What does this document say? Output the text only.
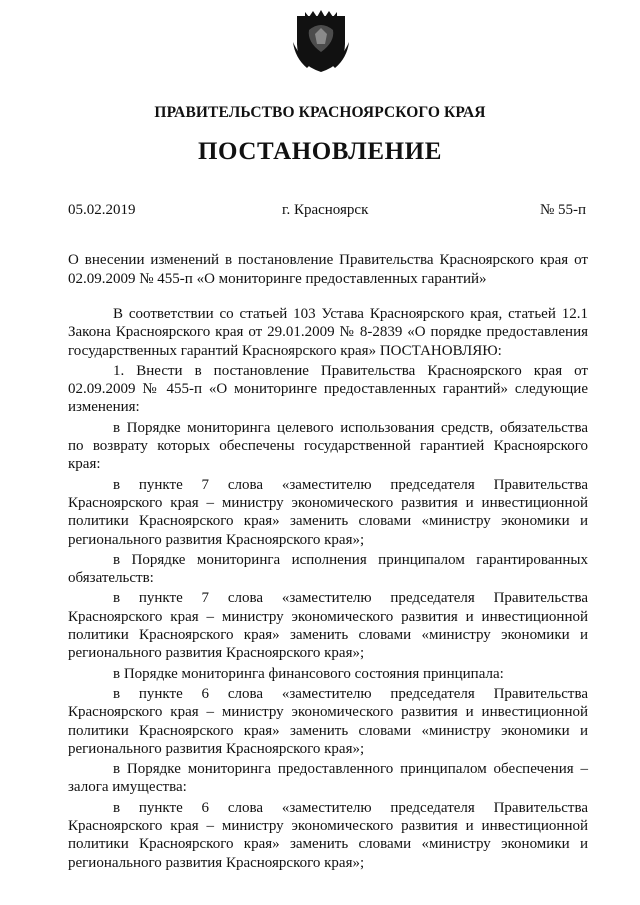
ПРАВИТЕЛЬСТВО КРАСНОЯРСКОГО КРАЯ
ПОСТАНОВЛЕНИЕ
05.02.2019	г. Красноярск	№ 55-п
О внесении изменений в постановление Правительства Красноярского края от 02.09.2009 № 455-п «О мониторинге предоставленных гарантий»

В соответствии со статьей 103 Устава Красноярского края, статьей 12.1 Закона Красноярского края от 29.01.2009 № 8-2839 «О порядке предоставления государственных гарантий Красноярского края» ПОСТАНОВЛЯЮ:

1. Внести в постановление Правительства Красноярского края от 02.09.2009 № 455-п «О мониторинге предоставленных гарантий» следующие изменения:

в Порядке мониторинга целевого использования средств, обязательства по возврату которых обеспечены государственной гарантией Красноярского края:

в пункте 7 слова «заместителю председателя Правительства Красноярского края – министру экономического развития и инвестиционной политики Красноярского края» заменить словами «министру экономики и регионального развития Красноярского края»;

в Порядке мониторинга исполнения принципалом гарантированных обязательств:

в пункте 7 слова «заместителю председателя Правительства Красноярского края – министру экономического развития и инвестиционной политики Красноярского края» заменить словами «министру экономики и регионального развития Красноярского края»;

в Порядке мониторинга финансового состояния принципала:

в пункте 6 слова «заместителю председателя Правительства Красноярского края – министру экономического развития и инвестиционной политики Красноярского края» заменить словами «министру экономики и регионального развития Красноярского края»;

в Порядке мониторинга предоставленного принципалом обеспечения – залога имущества:

в пункте 6 слова «заместителю председателя Правительства Красноярского края – министру экономического развития и инвестиционной политики Красноярского края» заменить словами «министру экономики и регионального развития Красноярского края»;
